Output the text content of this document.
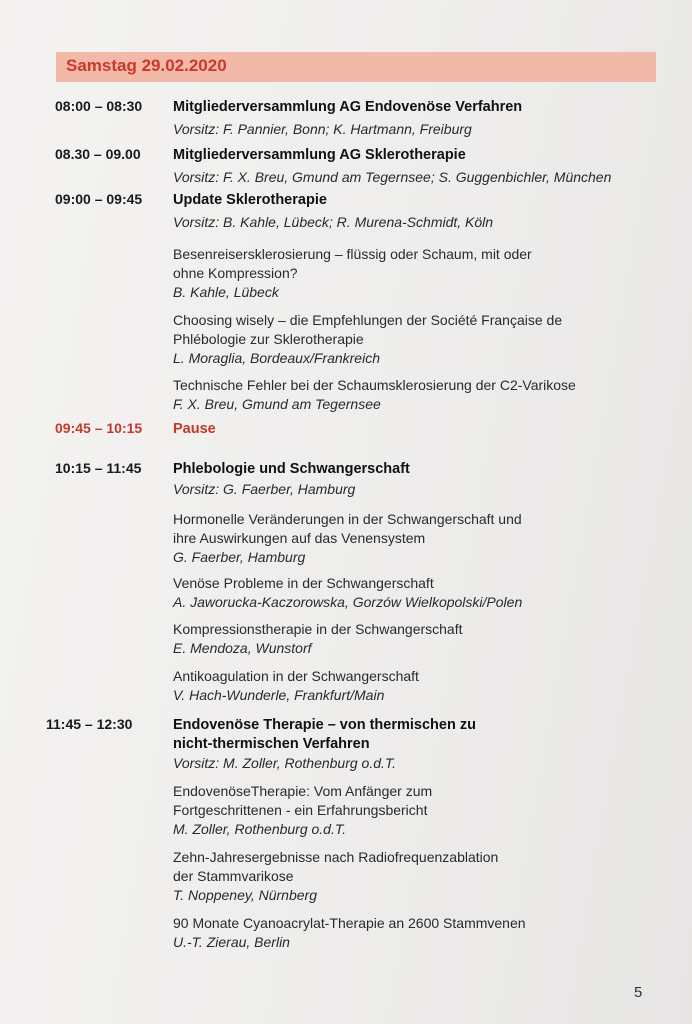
Samstag 29.02.2020
08:00 – 08:30	Mitgliederversammlung AG Endovenöse Verfahren
Vorsitz: F. Pannier, Bonn; K. Hartmann, Freiburg
08.30 – 09.00	Mitgliederversammlung AG Sklerotherapie
Vorsitz: F. X. Breu, Gmund am Tegernsee; S. Guggenbichler, München
09:00 – 09:45	Update Sklerotherapie
Vorsitz: B. Kahle, Lübeck; R. Murena-Schmidt, Köln
Besenreisersklerosierung – flüssig oder Schaum, mit oder
ohne Kompression?
B. Kahle, Lübeck
Choosing wisely – die Empfehlungen der Société Française de
Phlébologie zur Sklerotherapie
L. Moraglia, Bordeaux/Frankreich
Technische Fehler bei der Schaumsklerosierung der C2-Varikose
F. X. Breu, Gmund am Tegernsee
09:45 – 10:15	Pause
10:15 – 11:45	Phlebologie und Schwangerschaft
Vorsitz: G. Faerber, Hamburg
Hormonelle Veränderungen in der Schwangerschaft und
ihre Auswirkungen auf das Venensystem
G. Faerber, Hamburg
Venöse Probleme in der Schwangerschaft
A. Jaworucka-Kaczorowska, Gorzów Wielkopolski/Polen
Kompressionstherapie in der Schwangerschaft
E. Mendoza, Wunstorf
Antikoagulation in der Schwangerschaft
V. Hach-Wunderle, Frankfurt/Main
11:45 – 12:30	Endovenöse Therapie – von thermischen zu
nicht-thermischen Verfahren
Vorsitz: M. Zoller, Rothenburg o.d.T.
EndovenöseTherapie: Vom Anfänger zum
Fortgeschrittenen - ein Erfahrungsbericht
M. Zoller, Rothenburg o.d.T.
Zehn-Jahresergebnisse nach Radiofrequenzablation
der Stammvarikose
T. Noppeney, Nürnberg
90 Monate Cyanoacrylat-Therapie an 2600 Stammvenen
U.-T. Zierau, Berlin
5
